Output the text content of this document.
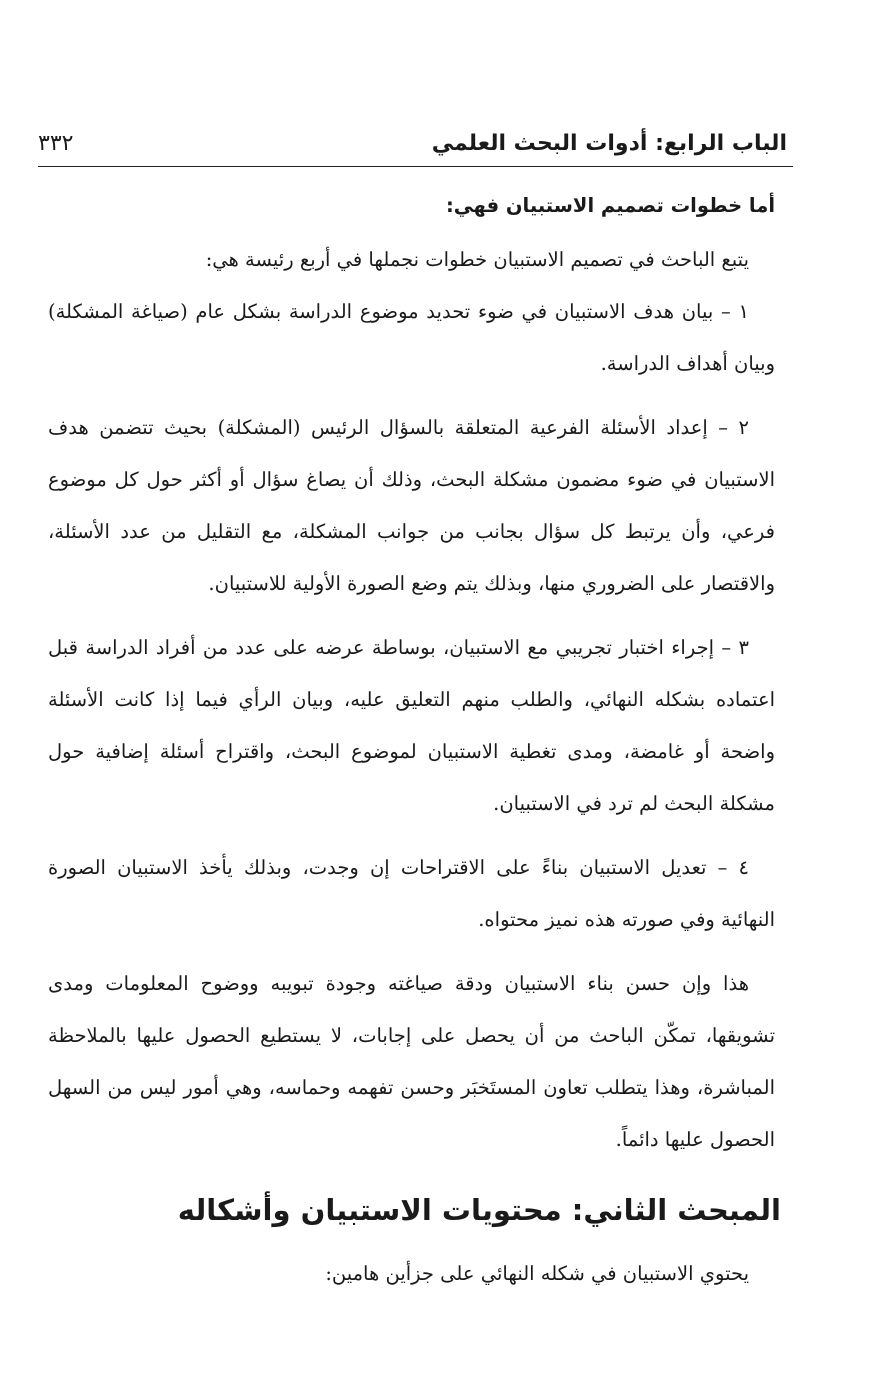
الباب الرابع: أدوات البحث العلمي
٣٣٢

أما خطوات تصميم الاستبيان فهي:

يتبع الباحث في تصميم الاستبيان خطوات نجملها في أربع رئيسة هي:

١ – بيان هدف الاستبيان في ضوء تحديد موضوع الدراسة بشكل عام (صياغة المشكلة) وبيان أهداف الدراسة.

٢ – إعداد الأسئلة الفرعية المتعلقة بالسؤال الرئيس (المشكلة) بحيث تتضمن هدف الاستبيان في ضوء مضمون مشكلة البحث، وذلك أن يصاغ سؤال أو أكثر حول كل موضوع فرعي، وأن يرتبط كل سؤال بجانب من جوانب المشكلة، مع التقليل من عدد الأسئلة، والاقتصار على الضروري منها، وبذلك يتم وضع الصورة الأولية للاستبيان.

٣ – إجراء اختبار تجريبي مع الاستبيان، بوساطة عرضه على عدد من أفراد الدراسة قبل اعتماده بشكله النهائي، والطلب منهم التعليق عليه، وبيان الرأي فيما إذا كانت الأسئلة واضحة أو غامضة، ومدى تغطية الاستبيان لموضوع البحث، واقتراح أسئلة إضافية حول مشكلة البحث لم ترد في الاستبيان.

٤ – تعديل الاستبيان بناءً على الاقتراحات إن وجدت، وبذلك يأخذ الاستبيان الصورة النهائية وفي صورته هذه نميز محتواه.

هذا وإن حسن بناء الاستبيان ودقة صياغته وجودة تبويبه ووضوح المعلومات ومدى تشويقها، تمكّن الباحث من أن يحصل على إجابات، لا يستطيع الحصول عليها بالملاحظة المباشرة، وهذا يتطلب تعاون المستَخبَر وحسن تفهمه وحماسه، وهي أمور ليس من السهل الحصول عليها دائماً.

المبحث الثاني: محتويات الاستبيان وأشكاله

يحتوي الاستبيان في شكله النهائي على جزأين هامين:
